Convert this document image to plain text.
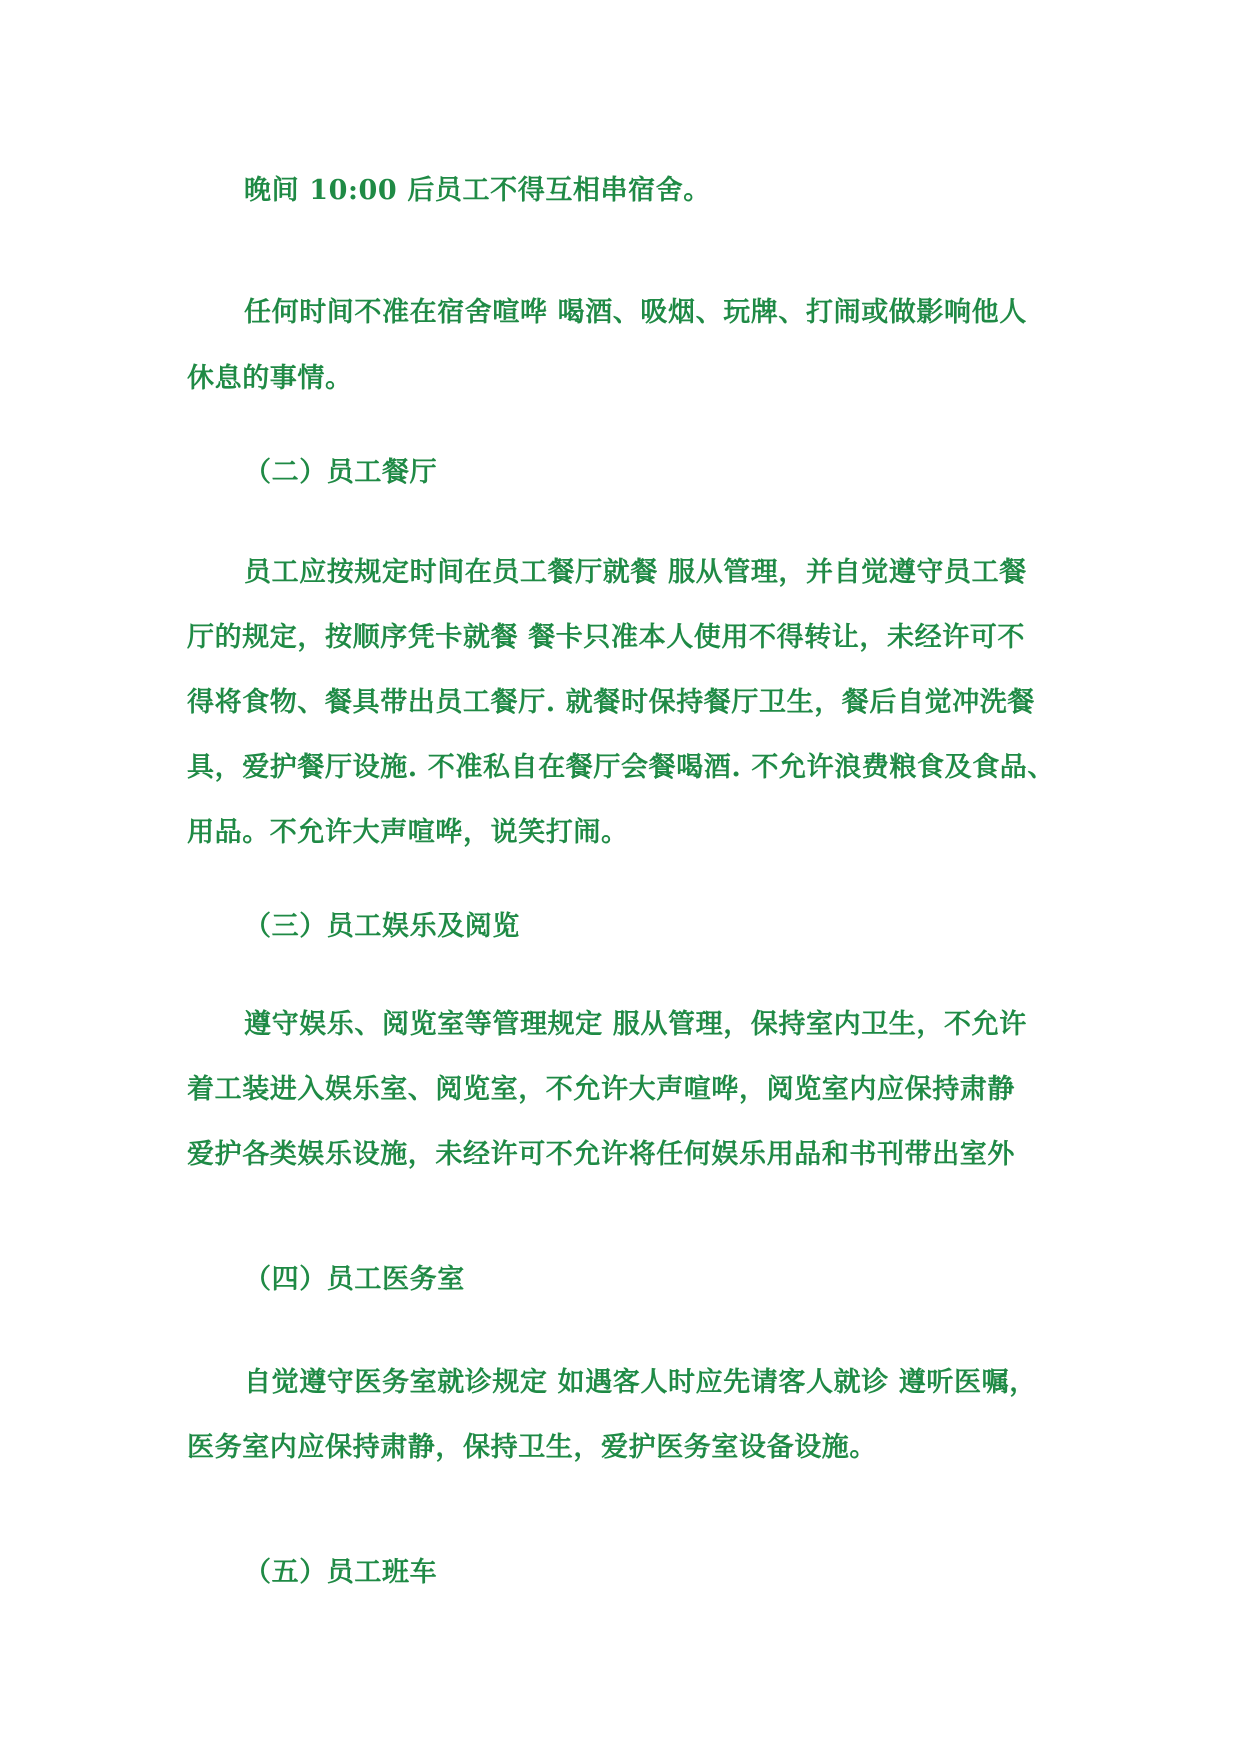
晚间 10:00 后员工不得互相串宿舍。
任何时间不准在宿舍喧哗 喝酒、吸烟、玩牌、打闹或做影响他人
休息的事情。
（二）员工餐厅
员工应按规定时间在员工餐厅就餐 服从管理，并自觉遵守员工餐
厅的规定，按顺序凭卡就餐 餐卡只准本人使用不得转让，未经许可不
得将食物、餐具带出员工餐厅. 就餐时保持餐厅卫生，餐后自觉冲洗餐
具，爱护餐厅设施. 不准私自在餐厅会餐喝酒. 不允许浪费粮食及食品、
用品。不允许大声喧哗，说笑打闹。
（三）员工娱乐及阅览
遵守娱乐、阅览室等管理规定 服从管理，保持室内卫生，不允许
着工装进入娱乐室、阅览室，不允许大声喧哗，阅览室内应保持肃静
爱护各类娱乐设施，未经许可不允许将任何娱乐用品和书刊带出室外
（四）员工医务室
自觉遵守医务室就诊规定 如遇客人时应先请客人就诊 遵听医嘱，
医务室内应保持肃静，保持卫生，爱护医务室设备设施。
（五）员工班车
